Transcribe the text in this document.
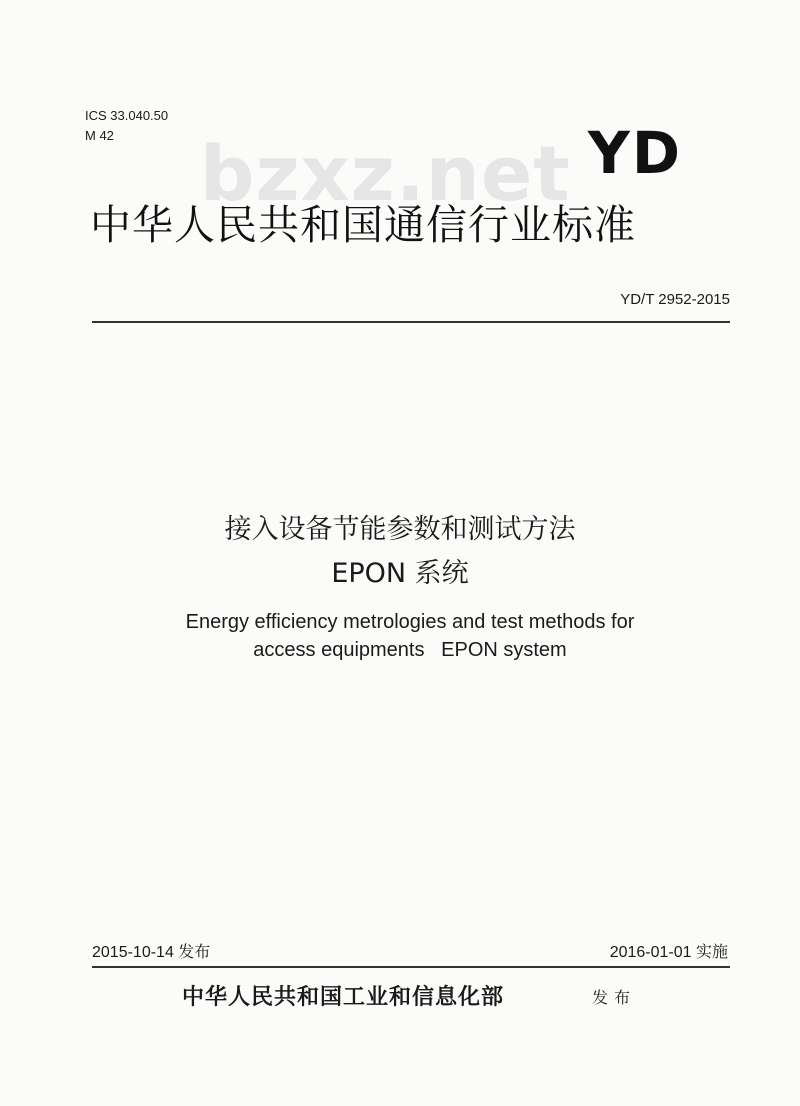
ICS 33.040.50
M 42 bzxz.net YD
中华人民共和国通信行业标准
YD/T 2952-2015
接入设备节能参数和测试方法
EPON 系统
Energy efficiency metrologies and test methods for
access equipments   EPON system
2015-10-14 发布	2016-01-01 实施
中华人民共和国工业和信息化部	发布
